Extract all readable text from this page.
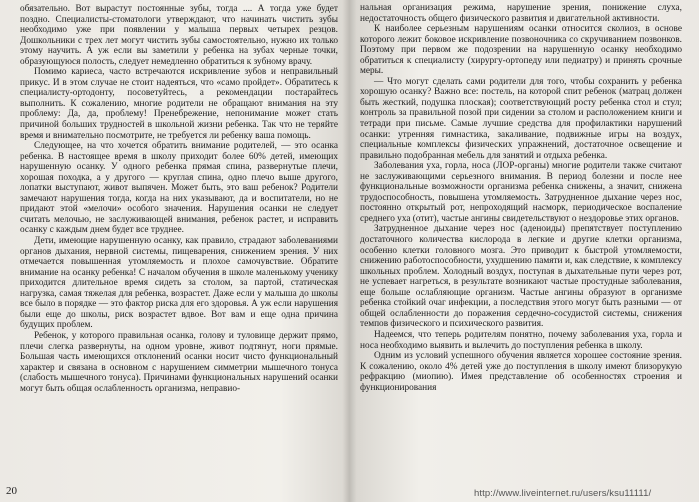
обязательно. Вот вырастут постоянные зубы, тогда .... А тогда уже будет поздно. Специалисты-стоматологи утверждают, что начинать чистить зубы необходимо уже при появлении у малыша первых четырех резцов. Дошкольники с трех лет могут чистить зубы самостоятельно, нужно их только этому научить. А уж если вы заметили у ребенка на зубах черные точки, образующуюся полость, следует немедленно обратиться к зубному врачу.

Помимо кариеса, часто встречаются искривление зубов и неправильный прикус. И в этом случае не стоит надеяться, что «само пройдет». Обратитесь к специалисту-ортодонту, посоветуйтесь, а рекомендации постарайтесь выполнить. К сожалению, многие родители не обращают внимания на эту проблему: Да, да, проблему! Пренебрежение, непонимание может стать причиной больших трудностей в школьной жизни ребенка. Так что не теряйте время и внимательно посмотрите, не требуется ли ребенку ваша помощь.

Следующее, на что хочется обратить внимание родителей, — это осанка ребенка. В настоящее время в школу приходит более 60% детей, имеющих нарушенную осанку. У одного ребенка прямая спина, развернутые плечи, хорошая походка, а у другого — круглая спина, одно плечо выше другого, лопатки выступают, живот выпячен. Может быть, это ваш ребенок? Родители замечают нарушения тогда, когда на них указывают, да и воспитатели, но не придают этой «мелочи» особого значения. Нарушения осанки не следует считать мелочью, не заслуживающей внимания, ребенок растет, и исправить осанку с каждым днем будет все труднее.

Дети, имеющие нарушенную осанку, как правило, страдают заболеваниями органов дыхания, нервной системы, пищеварения, снижением зрения. У них отмечается повышенная утомляемость и плохое самочувствие. Обратите внимание на осанку ребенка! С началом обучения в школе маленькому ученику приходится длительное время сидеть за столом, за партой, статическая нагрузка, самая тяжелая для ребенка, возрастет. Даже если у малыша до школы все было в порядке — это фактор риска для его здоровья. А уж если нарушения были еще до школы, риск возрастет вдвое. Вот вам и еще одна причина будущих проблем.

Ребенок, у которого правильная осанка, голову и туловище держит прямо, плечи слегка развернуты, на одном уровне, живот подтянут, ноги прямые. Большая часть имеющихся отклонений осанки носит чисто функциональный характер и связана в основном с нарушением симметрии мышечного тонуса (слабость мышечного тонуса). Причинами функциональных нарушений осанки могут быть общая ослабленность организма, неправио-

20

нальная организация режима, нарушение зрения, понижение слуха, недостаточность общего физического развития и двигательной активности.

К наиболее серьезным нарушениям осанки относится сколиоз, в основе которого лежит боковое искривление позвоночника со скручиванием позвонков. Поэтому при первом же подозрении на нарушенную осанку необходимо обратиться к специалисту (хирургу-ортопеду или педиатру) и принять срочные меры.

— Что могут сделать сами родители для того, чтобы сохранить у ребенка хорошую осанку? Важно все: постель, на которой спит ребенок (матрац должен быть жесткий, подушка плоская); соответствующий росту ребенка стол и стул; контроль за правильной позой при сидении за столом и расположением книги и тетради при письме. Самые лучшие средства для профилактики нарушений осанки: утренняя гимнастика, закаливание, подвижные игры на воздух, специальные комплексы физических упражнений, достаточное освещение и правильно подобранная мебель для занятий и отдыха ребенка.

Заболевания уха, горла, носа (ЛОР-органы) многие родители также считают не заслуживающими серьезного внимания. В период болезни и после нее функциональные возможности организма ребенка снижены, а значит, снижена трудоспособность, повышена утомляемость. Затрудненное дыхание через нос, постоянно открытый рот, непроходящий насморк, периодическое воспаление среднего уха (отит), частые ангины свидетельствуют о нездоровье этих органов.

Затрудненное дыхание через нос (аденоиды) препятствует поступлению достаточного количества кислорода в легкие и другие клетки организма, особенно клетки головного мозга. Это приводит к быстрой утомляемости, снижению работоспособности, ухудшению памяти и, как следствие, к комплексу школьных проблем. Холодный воздух, поступая в дыхательные пути через рот, не успевает нагреться, в результате возникают частые простудные заболевания, еще больше ослабляющие организм. Частые ангины образуют в организме ребенка стойкий очаг инфекции, а последствия этого могут быть разными — от общей ослабленности до поражения сердечно-сосудистой системы, снижения темпов физического и психического развития.

Надеемся, что теперь родителям понятно, почему заболевания уха, горла и носа необходимо выявить и вылечить до поступления ребенка в школу.

Одним из условий успешного обучения является хорошее состояние зрения. К сожалению, около 4% детей уже до поступления в школу имеют близорукую рефракцию (миопию). Имея представление об особенностях строения и функционирования

http://www.liveinternet.ru/users/ksu11111/
